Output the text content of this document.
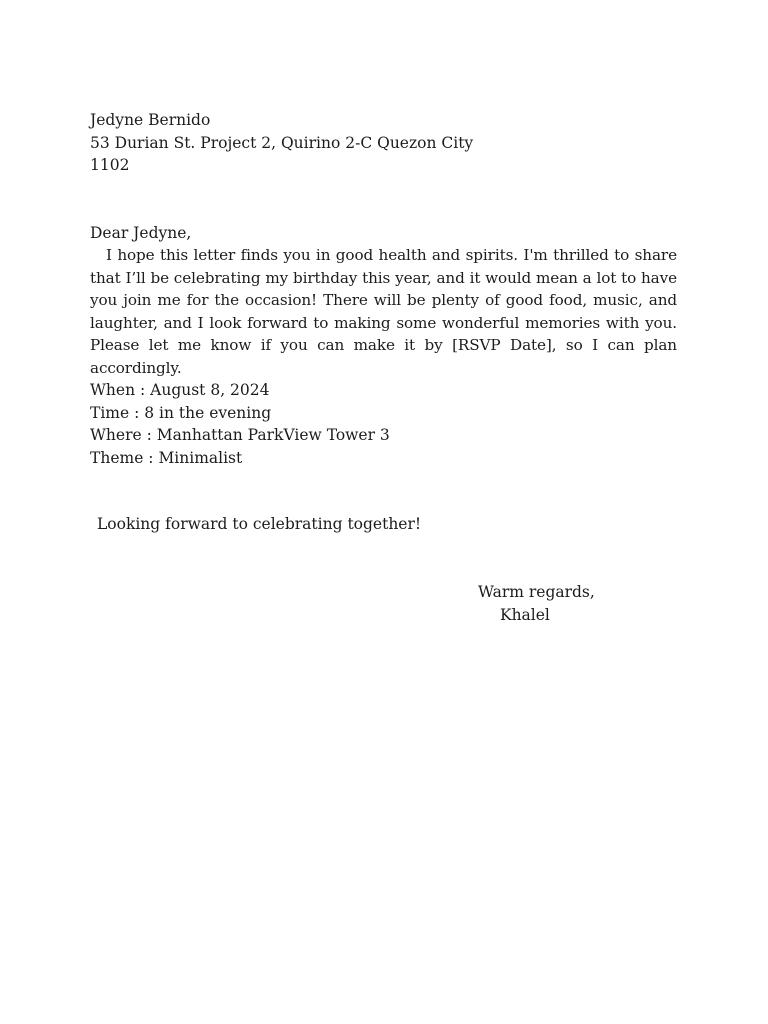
Jedyne Bernido
53 Durian St. Project 2, Quirino 2-C Quezon City
1102
Dear Jedyne,
I hope this letter finds you in good health and spirits. I'm thrilled to share that I’ll be celebrating my birthday this year, and it would mean a lot to have you join me for the occasion! There will be plenty of good food, music, and laughter, and I look forward to making some wonderful memories with you. Please let me know if you can make it by [RSVP Date], so I can plan accordingly.
When : August 8, 2024
Time : 8 in the evening
Where : Manhattan ParkView Tower 3
Theme : Minimalist
Looking forward to celebrating together!
Warm regards,
Khalel
